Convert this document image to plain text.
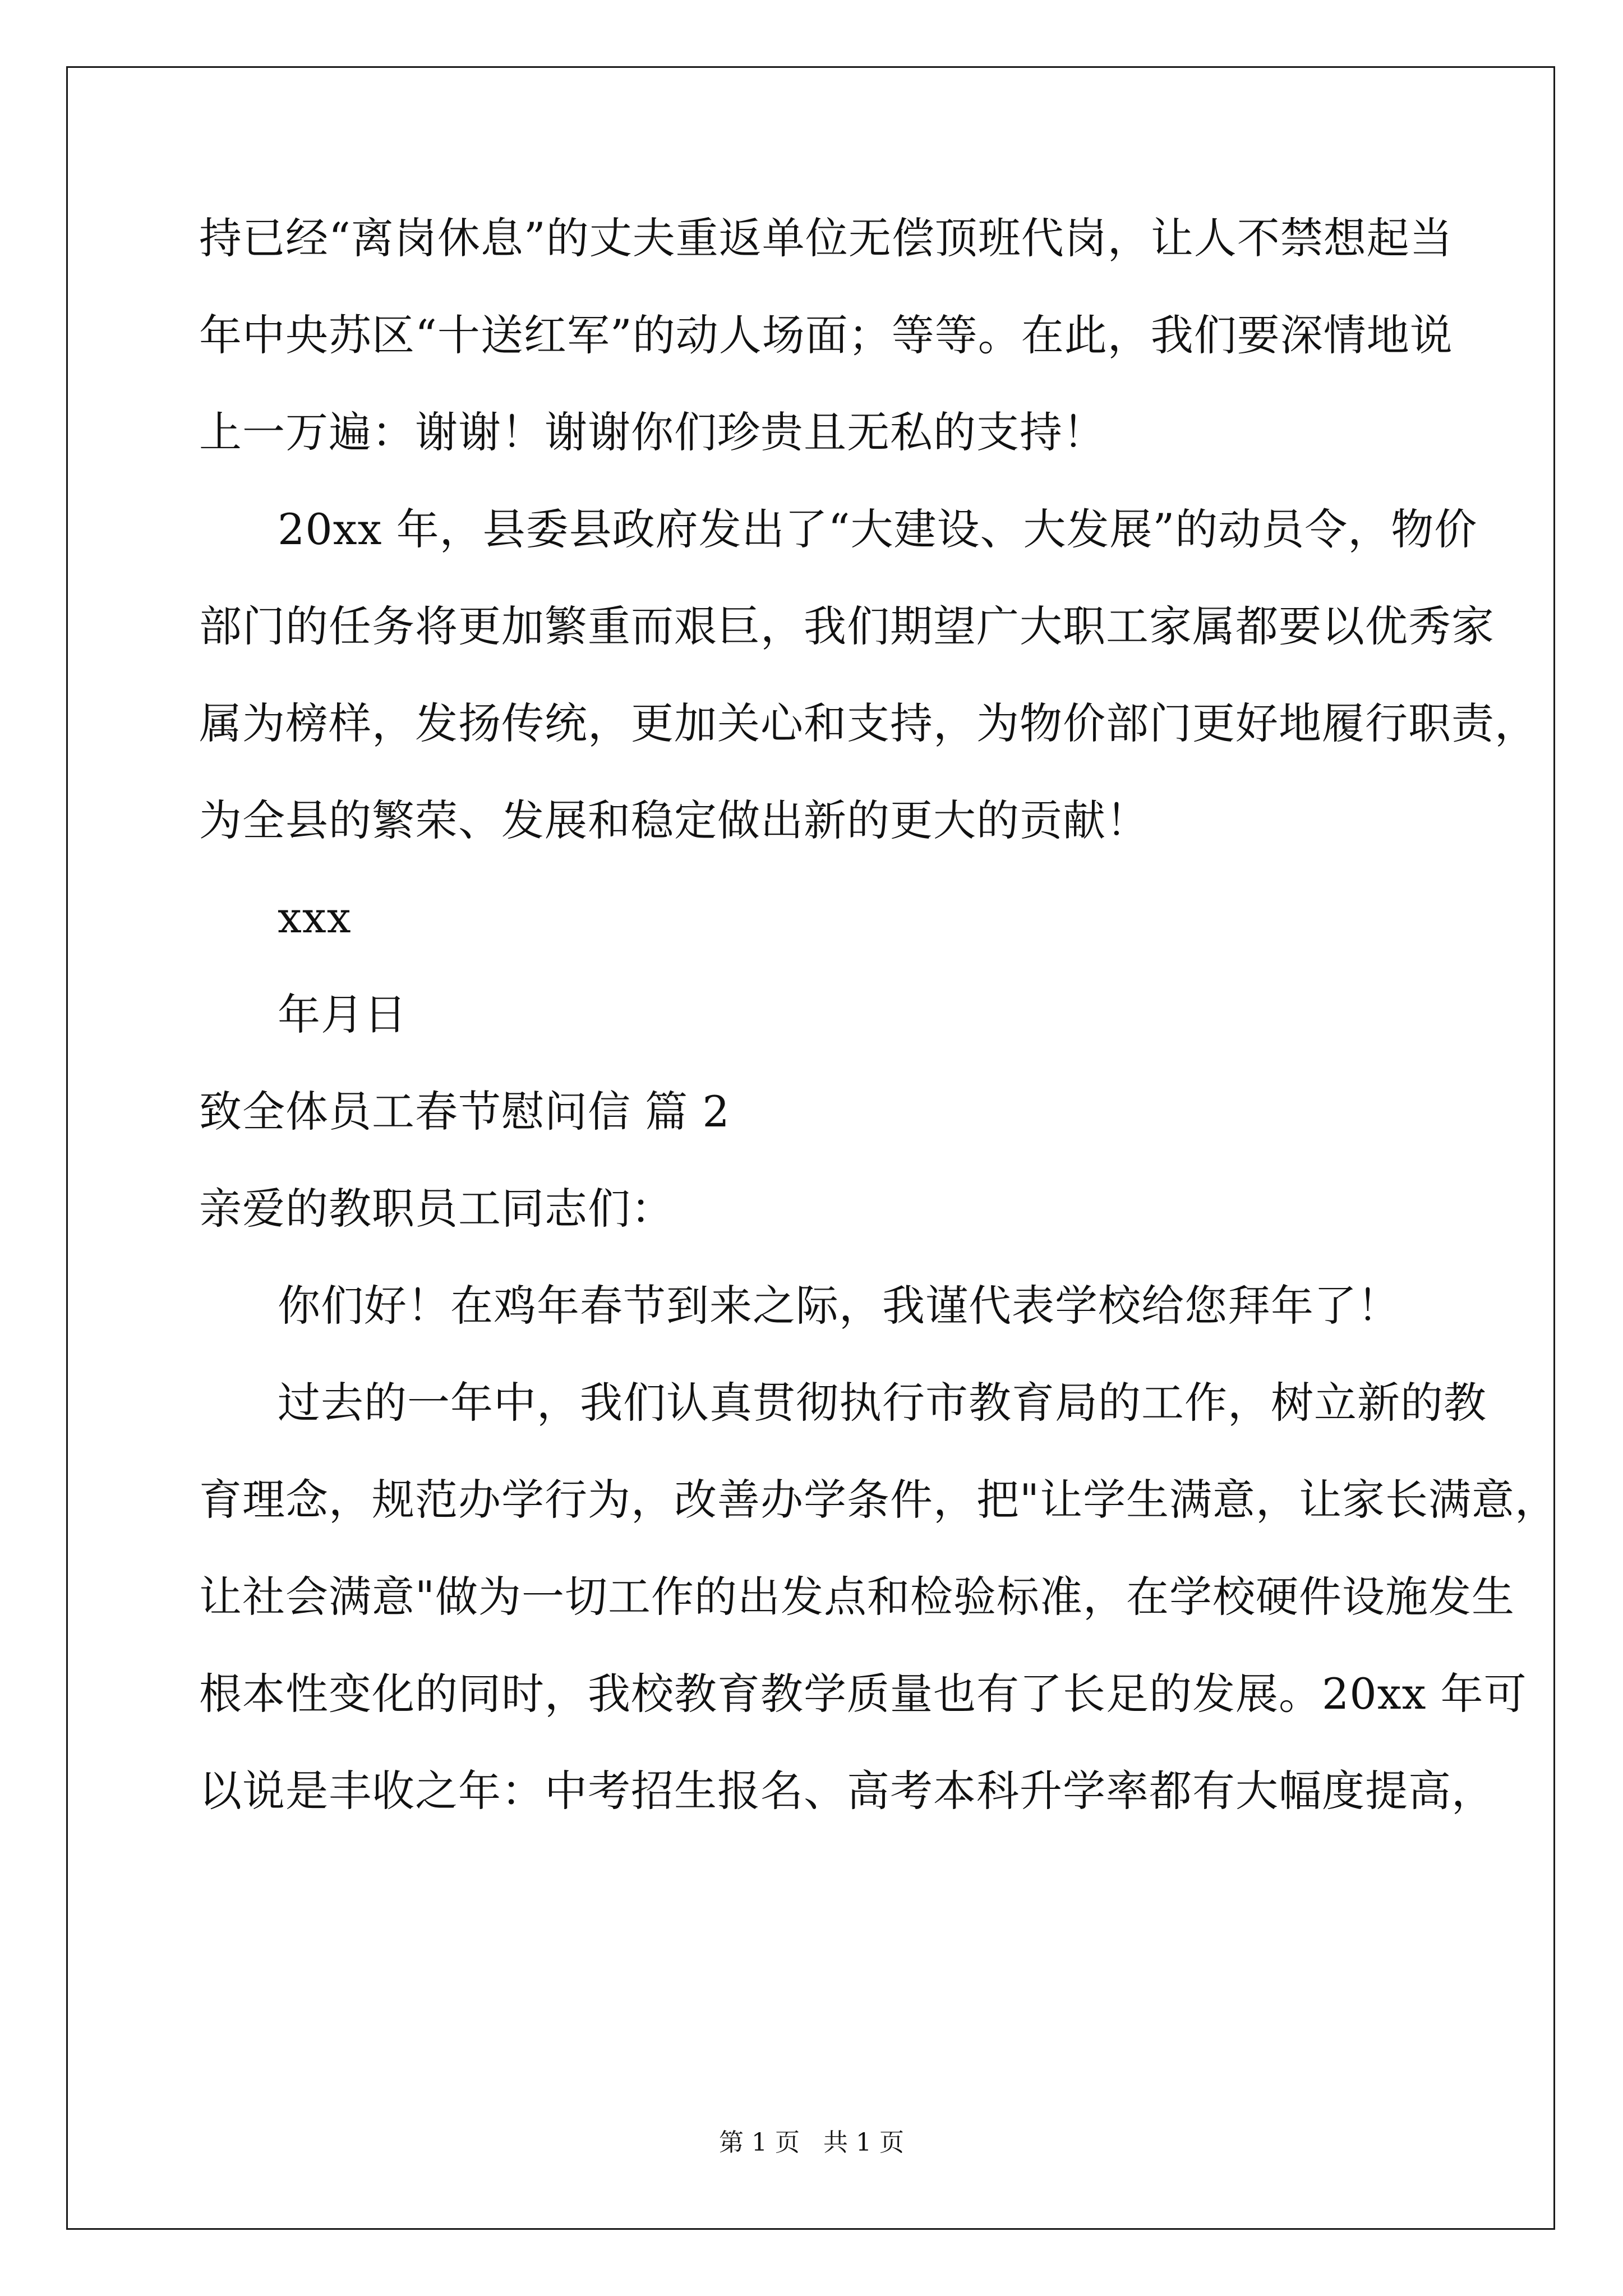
持已经“离岗休息”的丈夫重返单位无偿顶班代岗，让人不禁想起当
年中央苏区“十送红军”的动人场面；等等。在此，我们要深情地说
上一万遍：谢谢！谢谢你们珍贵且无私的支持！
20xx 年，县委县政府发出了“大建设、大发展”的动员令，物价
部门的任务将更加繁重而艰巨，我们期望广大职工家属都要以优秀家
属为榜样，发扬传统，更加关心和支持，为物价部门更好地履行职责，
为全县的繁荣、发展和稳定做出新的更大的贡献！
xxx
年月日
致全体员工春节慰问信 篇 2
亲爱的教职员工同志们：
你们好！在鸡年春节到来之际，我谨代表学校给您拜年了！
过去的一年中，我们认真贯彻执行市教育局的工作，树立新的教
育理念，规范办学行为，改善办学条件，把"让学生满意，让家长满意，
让社会满意"做为一切工作的出发点和检验标准，在学校硬件设施发生
根本性变化的同时，我校教育教学质量也有了长足的发展。20xx 年可
以说是丰收之年：中考招生报名、高考本科升学率都有大幅度提高，
第 1 页 共 1 页
